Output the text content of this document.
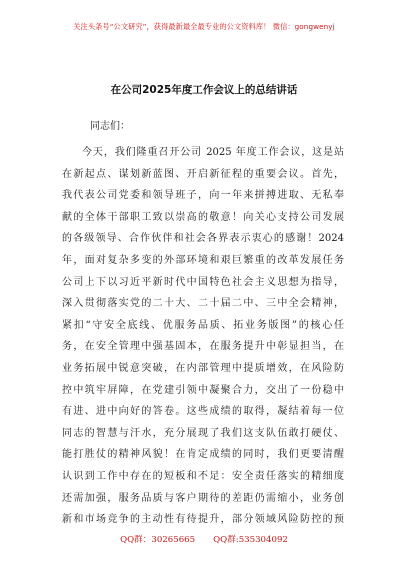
关注头条号“公文研究”，获得最新最全最专业的公文资料库！ 微信：gongwenyj
在公司2025年度工作会议上的总结讲话
同志们：
今天，我们隆重召开公司 2025 年度工作会议，这是站
在新起点、谋划新蓝图、开启新征程的重要会议。首先，
我代表公司党委和领导班子，向一年来拼搏进取、无私奉
献的全体干部职工致以崇高的敬意！向关心支持公司发展
的各级领导、合作伙伴和社会各界表示衷心的感谢！2024
年，面对复杂多变的外部环境和艰巨繁重的改革发展任务
公司上下以习近平新时代中国特色社会主义思想为指导，
深入贯彻落实党的二十大、二十届二中、三中全会精神，
紧扣“守安全底线、优服务品质、拓业务版图”的核心任
务，在安全管理中强基固本，在服务提升中彰显担当，在
业务拓展中锐意突破，在内部管理中提质增效，在风险防
控中筑牢屏障，在党建引领中凝聚合力，交出了一份稳中
有进、进中向好的答卷。这些成绩的取得，凝结着每一位
同志的智慧与汗水，充分展现了我们这支队伍敢打硬仗、
能打胜仗的精神风貌！在肯定成绩的同时，我们更要清醒
认识到工作中存在的短板和不足：安全责任落实的精细度
还需加强，服务品质与客户期待的差距仍需缩小，业务创
新和市场竞争的主动性有待提升，部分领域风险防控的预
QQ群：30265665 QQ群:535304092
